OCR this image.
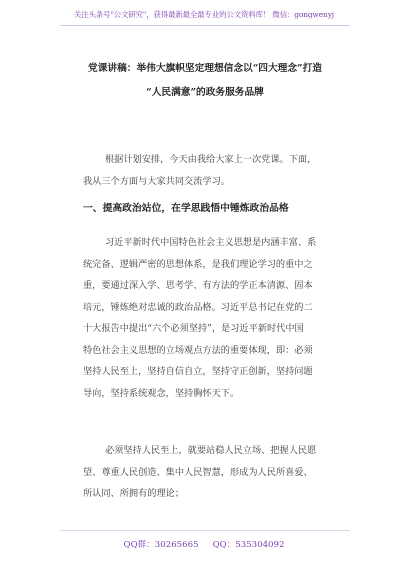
关注头条号"公文研究"，获得最新最全最专业的公文资料库！ 微信：gongwenyj
党课讲稿：举伟大旗帜坚定理想信念以“四大理念”打造
“人民满意”的政务服务品牌
根据计划安排，今天由我给大家上一次党课。下面，
我从三个方面与大家共同交流学习。
一、提高政治站位，在学思践悟中锤炼政治品格
习近平新时代中国特色社会主义思想是内涵丰富、系
统完备、逻辑严密的思想体系，是我们理论学习的重中之
重，要通过深入学、思考学、有方法的学正本清源、固本
培元，锤炼绝对忠诚的政治品格。习近平总书记在党的二
十大报告中提出“六个必须坚持”，是习近平新时代中国
特色社会主义思想的立场观点方法的重要体现，即：必须
坚持人民至上，坚持自信自立，坚持守正创新，坚持问题
导向，坚持系统观念，坚持胸怀天下。
必须坚持人民至上，就要站稳人民立场、把握人民愿
望、尊重人民创造、集中人民智慧，形成为人民所喜爱、
所认同、所拥有的理论；
QQ群：30265665 QQ：535304092
